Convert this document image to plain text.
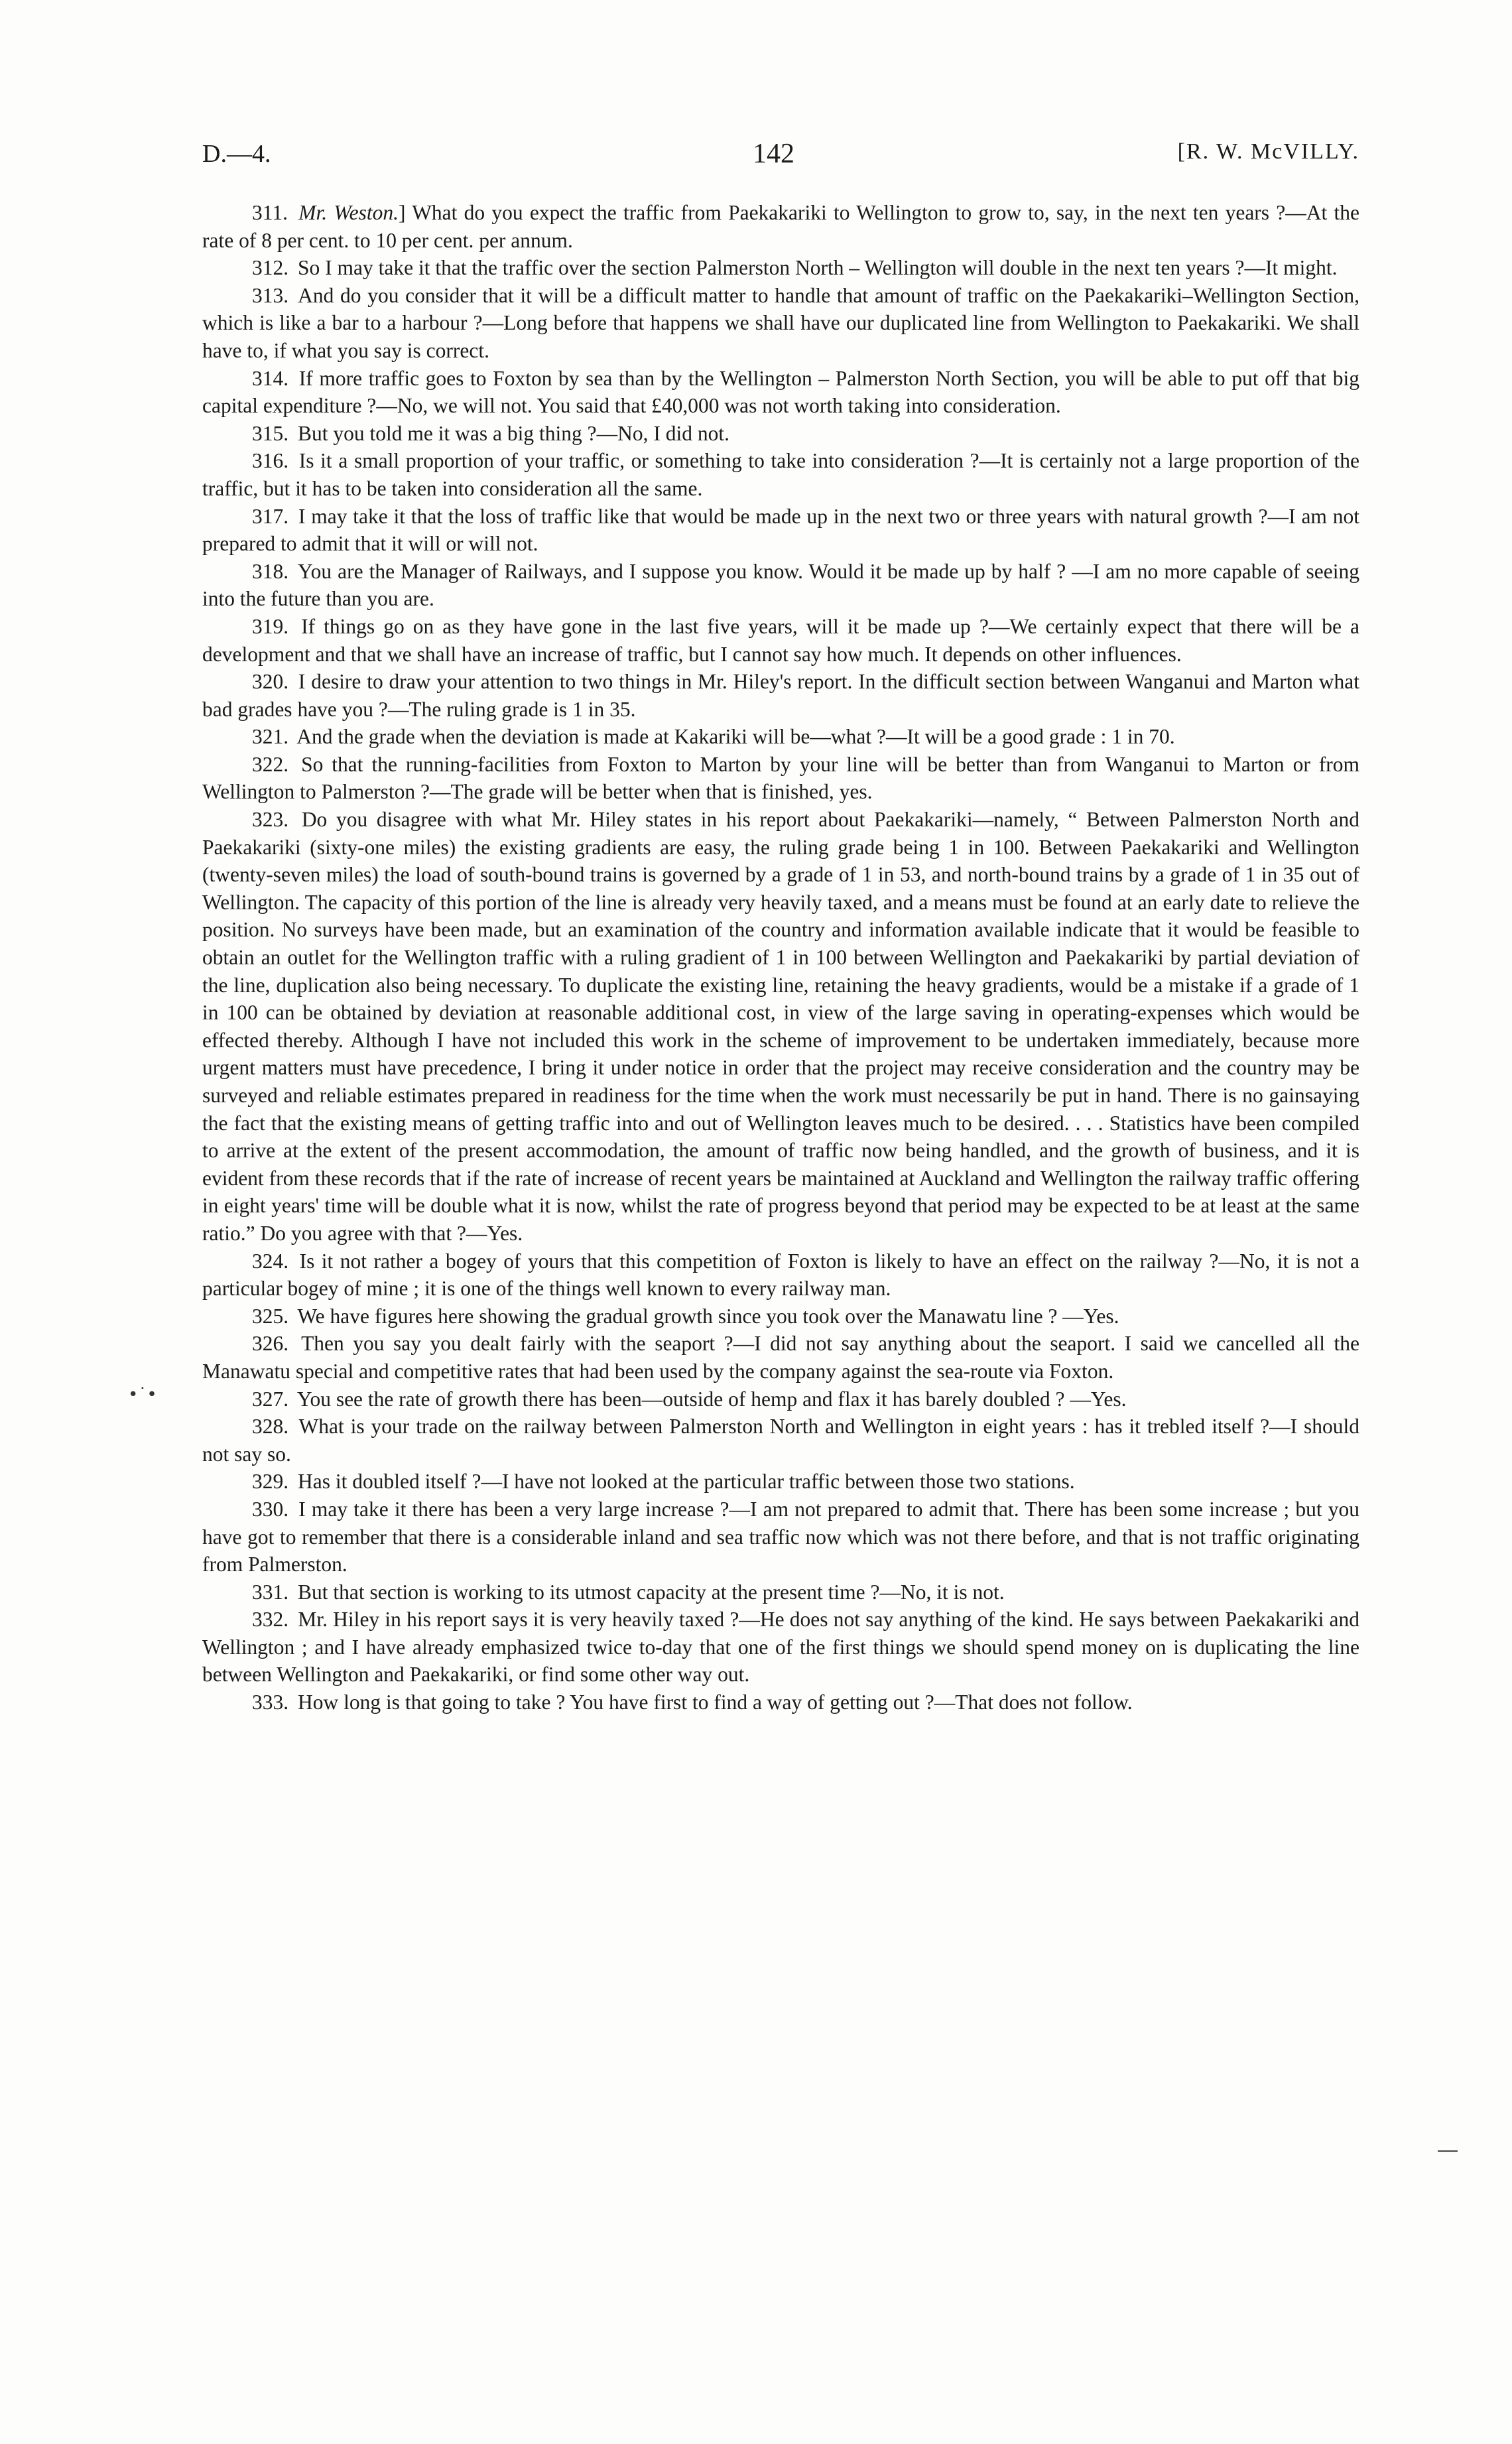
D.—4.	142	[R. W. McVILLY.

311. Mr. Weston.] What do you expect the traffic from Paekakariki to Wellington to grow to, say, in the next ten years ?—At the rate of 8 per cent. to 10 per cent. per annum.

312. So I may take it that the traffic over the section Palmerston North – Wellington will double in the next ten years ?—It might.

313. And do you consider that it will be a difficult matter to handle that amount of traffic on the Paekakariki–Wellington Section, which is like a bar to a harbour ?—Long before that happens we shall have our duplicated line from Wellington to Paekakariki. We shall have to, if what you say is correct.

314. If more traffic goes to Foxton by sea than by the Wellington – Palmerston North Section, you will be able to put off that big capital expenditure ?—No, we will not. You said that £40,000 was not worth taking into consideration.

315. But you told me it was a big thing ?—No, I did not.

316. Is it a small proportion of your traffic, or something to take into consideration ?—It is certainly not a large proportion of the traffic, but it has to be taken into consideration all the same.

317. I may take it that the loss of traffic like that would be made up in the next two or three years with natural growth ?—I am not prepared to admit that it will or will not.

318. You are the Manager of Railways, and I suppose you know. Would it be made up by half ? —I am no more capable of seeing into the future than you are.

319. If things go on as they have gone in the last five years, will it be made up ?—We certainly expect that there will be a development and that we shall have an increase of traffic, but I cannot say how much. It depends on other influences.

320. I desire to draw your attention to two things in Mr. Hiley's report. In the difficult section between Wanganui and Marton what bad grades have you ?—The ruling grade is 1 in 35.

321. And the grade when the deviation is made at Kakariki will be—what ?—It will be a good grade : 1 in 70.

322. So that the running-facilities from Foxton to Marton by your line will be better than from Wanganui to Marton or from Wellington to Palmerston ?—The grade will be better when that is finished, yes.

323. Do you disagree with what Mr. Hiley states in his report about Paekakariki—namely, “ Between Palmerston North and Paekakariki (sixty-one miles) the existing gradients are easy, the ruling grade being 1 in 100. Between Paekakariki and Wellington (twenty-seven miles) the load of south-bound trains is governed by a grade of 1 in 53, and north-bound trains by a grade of 1 in 35 out of Wellington. The capacity of this portion of the line is already very heavily taxed, and a means must be found at an early date to relieve the position. No surveys have been made, but an examination of the country and information available indicate that it would be feasible to obtain an outlet for the Wellington traffic with a ruling gradient of 1 in 100 between Wellington and Paekakariki by partial deviation of the line, duplication also being necessary. To duplicate the existing line, retaining the heavy gradients, would be a mistake if a grade of 1 in 100 can be obtained by deviation at reasonable additional cost, in view of the large saving in operating-expenses which would be effected thereby. Although I have not included this work in the scheme of improvement to be undertaken immediately, because more urgent matters must have precedence, I bring it under notice in order that the project may receive consideration and the country may be surveyed and reliable estimates prepared in readiness for the time when the work must necessarily be put in hand. There is no gainsaying the fact that the existing means of getting traffic into and out of Wellington leaves much to be desired. . . . Statistics have been compiled to arrive at the extent of the present accommodation, the amount of traffic now being handled, and the growth of business, and it is evident from these records that if the rate of increase of recent years be maintained at Auckland and Wellington the railway traffic offering in eight years' time will be double what it is now, whilst the rate of progress beyond that period may be expected to be at least at the same ratio.” Do you agree with that ?—Yes.

324. Is it not rather a bogey of yours that this competition of Foxton is likely to have an effect on the railway ?—No, it is not a particular bogey of mine ; it is one of the things well known to every railway man.

325. We have figures here showing the gradual growth since you took over the Manawatu line ? —Yes.

326. Then you say you dealt fairly with the seaport ?—I did not say anything about the seaport. I said we cancelled all the Manawatu special and competitive rates that had been used by the company against the sea-route via Foxton.

327. You see the rate of growth there has been—outside of hemp and flax it has barely doubled ? —Yes.

328. What is your trade on the railway between Palmerston North and Wellington in eight years : has it trebled itself ?—I should not say so.

329. Has it doubled itself ?—I have not looked at the particular traffic between those two stations.

330. I may take it there has been a very large increase ?—I am not prepared to admit that. There has been some increase ; but you have got to remember that there is a considerable inland and sea traffic now which was not there before, and that is not traffic originating from Palmerston.

331. But that section is working to its utmost capacity at the present time ?—No, it is not.

332. Mr. Hiley in his report says it is very heavily taxed ?—He does not say anything of the kind. He says between Paekakariki and Wellington ; and I have already emphasized twice to-day that one of the first things we should spend money on is duplicating the line between Wellington and Paekakariki, or find some other way out.

333. How long is that going to take ? You have first to find a way of getting out ?—That does not follow.

•˙•
―
